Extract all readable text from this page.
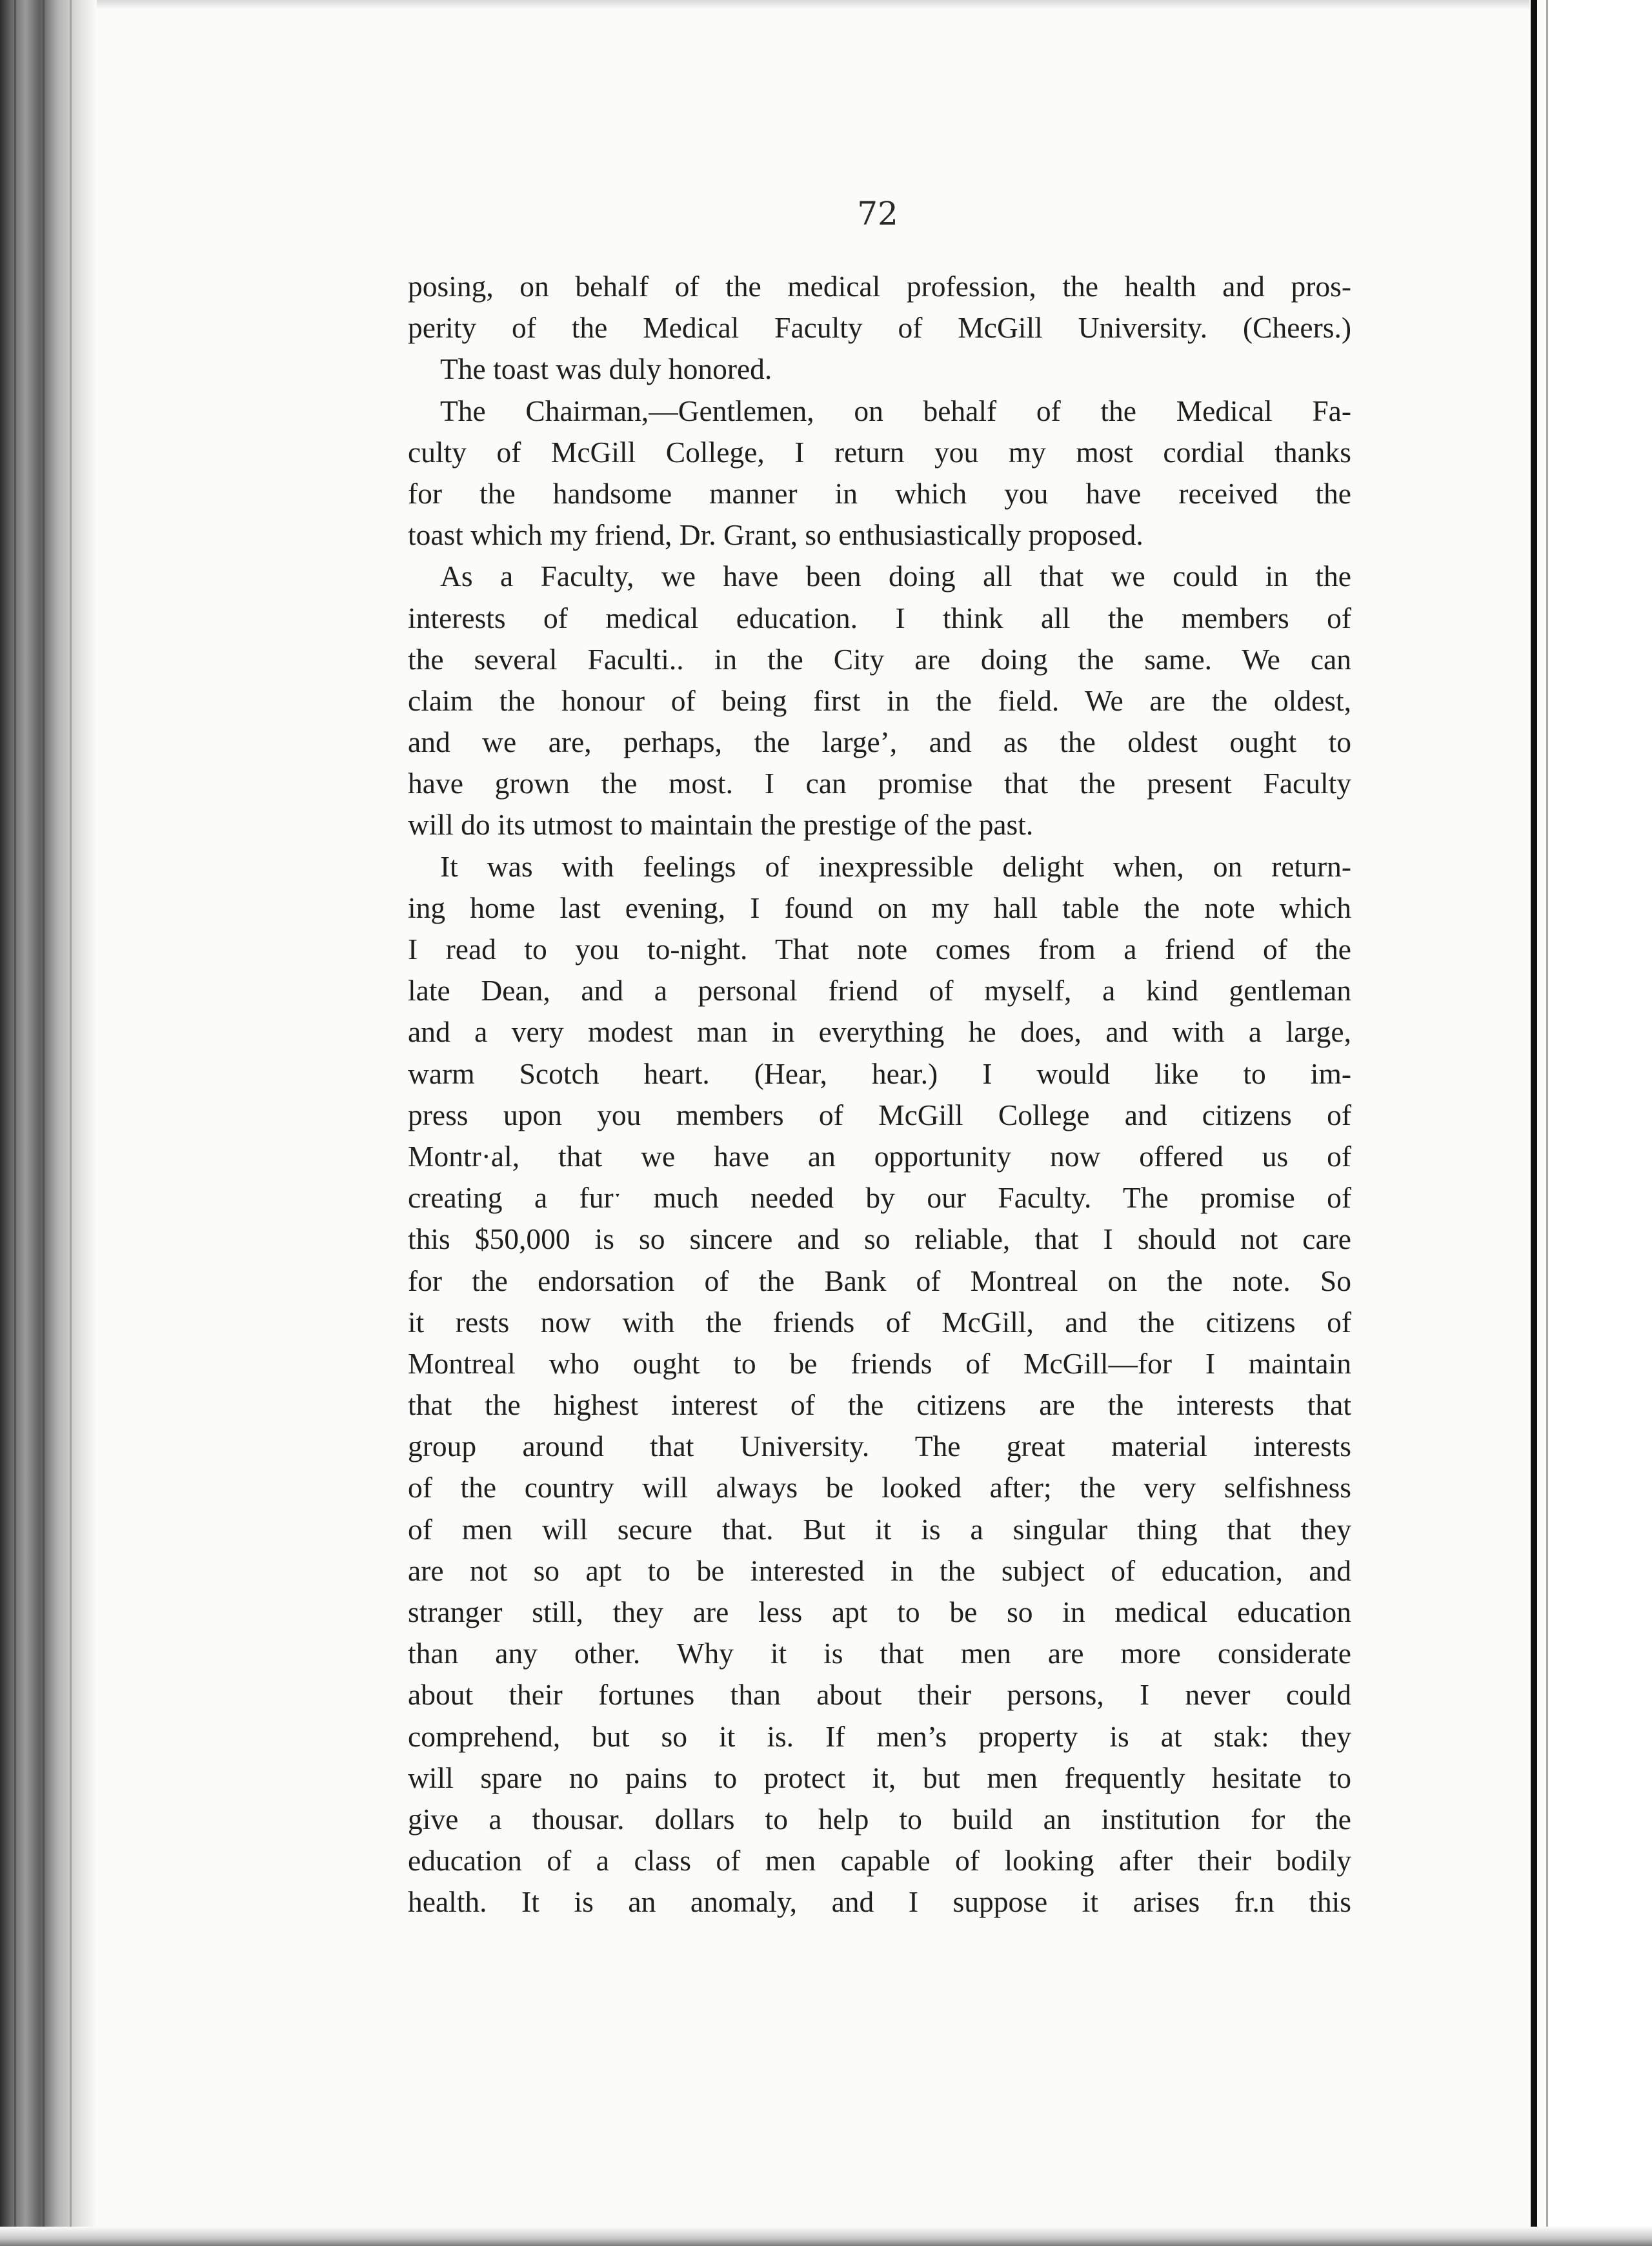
72
posing, on behalf of the medical profession, the health and pros-
perity of the Medical Faculty of McGill University. (Cheers.)
The toast was duly honored.
The Chairman,—Gentlemen, on behalf of the Medical Fa-
culty of McGill College, I return you my most cordial thanks
for the handsome manner in which you have received the
toast which my friend, Dr. Grant, so enthusiastically proposed.
As a Faculty, we have been doing all that we could in the
interests of medical education. I think all the members of
the several Faculti.. in the City are doing the same. We can
claim the honour of being first in the field. We are the oldest,
and we are, perhaps, the large’, and as the oldest ought to
have grown the most. I can promise that the present Faculty
will do its utmost to maintain the prestige of the past.
It was with feelings of inexpressible delight when, on return-
ing home last evening, I found on my hall table the note which
I read to you to-night. That note comes from a friend of the
late Dean, and a personal friend of myself, a kind gentleman
and a very modest man in everything he does, and with a large,
warm Scotch heart. (Hear, hear.) I would like to im-
press upon you members of McGill College and citizens of
Montr·al, that we have an opportunity now offered us of
creating a furˑ much needed by our Faculty. The promise of
this $50,000 is so sincere and so reliable, that I should not care
for the endorsation of the Bank of Montreal on the note. So
it rests now with the friends of McGill, and the citizens of
Montreal who ought to be friends of McGill—for I maintain
that the highest interest of the citizens are the interests that
group around that University. The great material interests
of the country will always be looked after; the very selfishness
of men will secure that. But it is a singular thing that they
are not so apt to be interested in the subject of education, and
stranger still, they are less apt to be so in medical education
than any other. Why it is that men are more considerate
about their fortunes than about their persons, I never could
comprehend, but so it is. If men’s property is at stak: they
will spare no pains to protect it, but men frequently hesitate to
give a thousar. dollars to help to build an institution for the
education of a class of men capable of looking after their bodily
health. It is an anomaly, and I suppose it arises fr.n this
